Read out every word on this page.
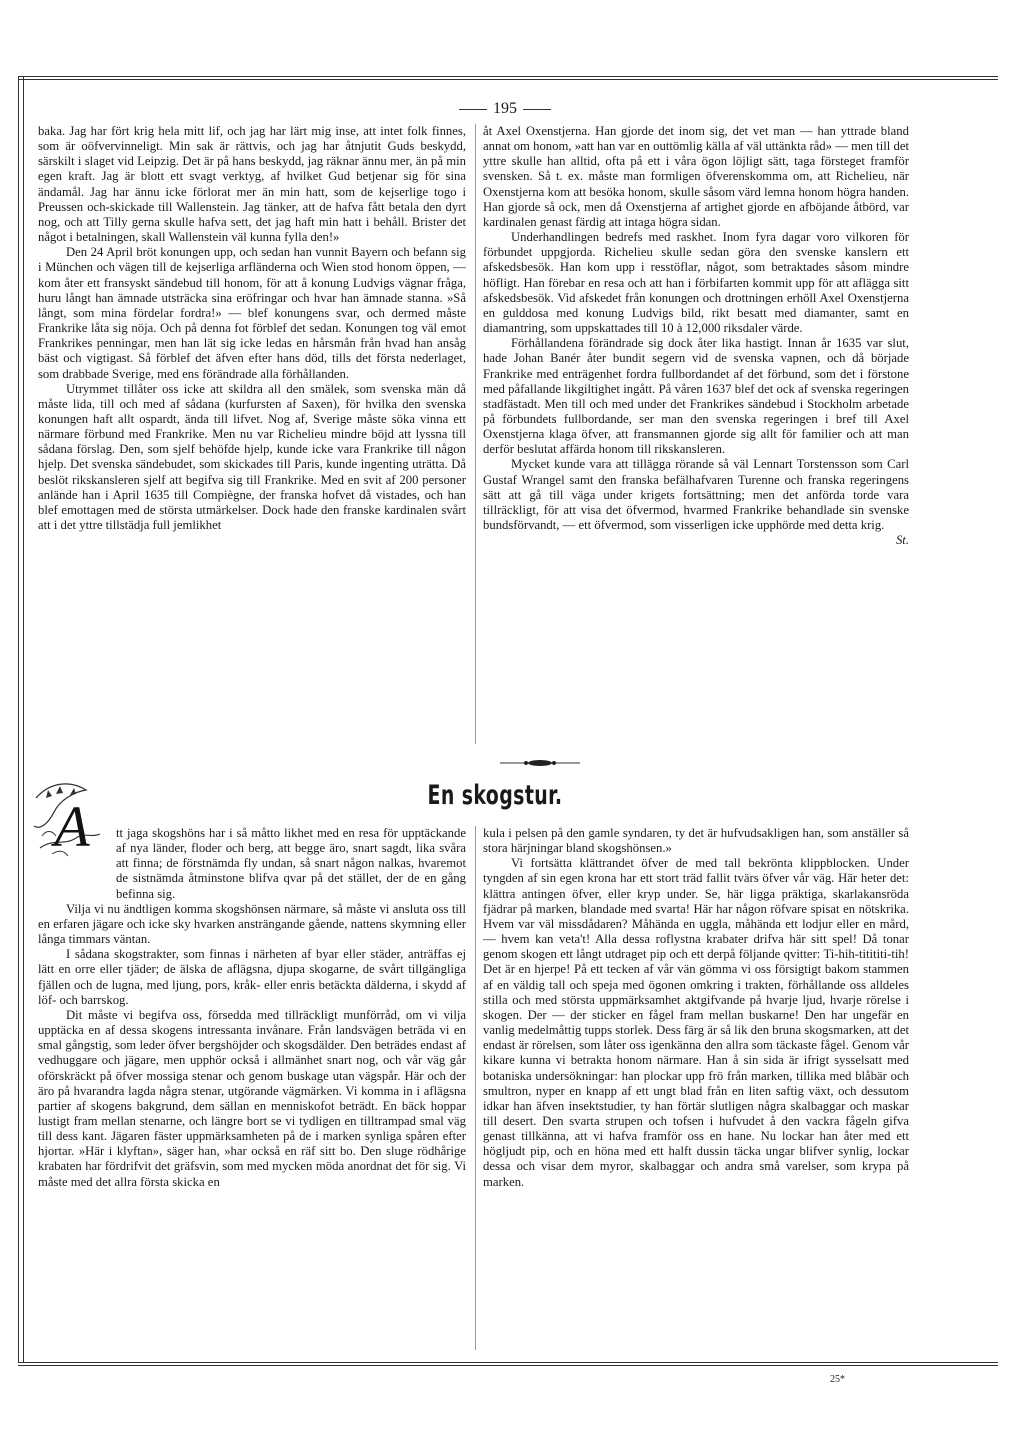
195

baka. Jag har fört krig hela mitt lif, och jag har lärt mig inse, att intet folk finnes, som är oöfvervinneligt. Min sak är rättvis, och jag har åtnjutit Guds beskydd, särskilt i slaget vid Leipzig. Det är på hans beskydd, jag räknar ännu mer, än på min egen kraft. Jag är blott ett svagt verktyg, af hvilket Gud betjenar sig för sina ändamål. Jag har ännu icke förlorat mer än min hatt, som de kejserlige togo i Preussen och-skickade till Wallenstein. Jag tänker, att de hafva fått betala den dyrt nog, och att Tilly gerna skulle hafva sett, det jag haft min hatt i behåll. Brister det något i betalningen, skall Wallenstein väl kunna fylla den!»

Den 24 April bröt konungen upp, och sedan han vunnit Bayern och befann sig i München och vägen till de kejserliga arfländerna och Wien stod honom öppen, — kom åter ett fransyskt sändebud till honom, för att å konung Ludvigs vägnar fråga, huru långt han ämnade utsträcka sina eröfringar och hvar han ämnade stanna. »Så långt, som mina fördelar fordra!» — blef konungens svar, och dermed måste Frankrike låta sig nöja. Och på denna fot förblef det sedan. Konungen tog väl emot Frankrikes penningar, men han lät sig icke ledas en hårsmån från hvad han ansåg bäst och vigtigast. Så förblef det äfven efter hans död, tills det första nederlaget, som drabbade Sverige, med ens förändrade alla förhållanden.

Utrymmet tillåter oss icke att skildra all den smälek, som svenska män då måste lida, till och med af sådana (kurfursten af Saxen), för hvilka den svenska konungen haft allt ospardt, ända till lifvet. Nog af, Sverige måste söka vinna ett närmare förbund med Frankrike. Men nu var Richelieu mindre böjd att lyssna till sådana förslag. Den, som sjelf behöfde hjelp, kunde icke vara Frankrike till någon hjelp. Det svenska sändebudet, som skickades till Paris, kunde ingenting uträtta. Då beslöt rikskansleren sjelf att begifva sig till Frankrike. Med en svit af 200 personer anlände han i April 1635 till Compiègne, der franska hofvet då vistades, och han blef emottagen med de största utmärkelser. Dock hade den franske kardinalen svårt att i det yttre tillstädja full jemlikhet

åt Axel Oxenstjerna. Han gjorde det inom sig, det vet man — han yttrade bland annat om honom, »att han var en outtömlig källa af väl uttänkta råd» — men till det yttre skulle han alltid, ofta på ett i våra ögon löjligt sätt, taga försteget framför svensken. Så t. ex. måste man formligen öfverenskomma om, att Richelieu, när Oxenstjerna kom att besöka honom, skulle såsom värd lemna honom högra handen. Han gjorde så ock, men då Oxenstjerna af artighet gjorde en afböjande åtbörd, var kardinalen genast färdig att intaga högra sidan.

Underhandlingen bedrefs med raskhet. Inom fyra dagar voro vilkoren för förbundet uppgjorda. Richelieu skulle sedan göra den svenske kanslern ett afskedsbesök. Han kom upp i resstöflar, något, som betraktades såsom mindre höfligt. Han förebar en resa och att han i förbifarten kommit upp för att aflägga sitt afskedsbesök. Vid afskedet från konungen och drottningen erhöll Axel Oxenstjerna en gulddosa med konung Ludvigs bild, rikt besatt med diamanter, samt en diamantring, som uppskattades till 10 à 12,000 riksdaler värde.

Förhållandena förändrade sig dock åter lika hastigt. Innan år 1635 var slut, hade Johan Banér åter bundit segern vid de svenska vapnen, och då började Frankrike med enträgenhet fordra fullbordandet af det förbund, som det i förstone med påfallande likgiltighet ingått. På våren 1637 blef det ock af svenska regeringen stadfästadt. Men till och med under det Frankrikes sändebud i Stockholm arbetade på förbundets fullbordande, ser man den svenska regeringen i bref till Axel Oxenstjerna klaga öfver, att fransmannen gjorde sig allt för familier och att man derför beslutat affärda honom till rikskansleren.

Mycket kunde vara att tillägga rörande så väl Lennart Torstensson som Carl Gustaf Wrangel samt den franska befälhafvaren Turenne och franska regeringens sätt att gå till väga under krigets fortsättning; men det anförda torde vara tillräckligt, för att visa det öfvermod, hvarmed Frankrike behandlade sin svenske bundsförvandt, — ett öfvermod, som visserligen icke upphörde med detta krig.
St.

En skogstur.
A	tt jaga skogshöns har i så måtto likhet med en resa för upptäckande af nya länder, floder och berg, att begge äro, snart sagdt, lika svåra att finna; de förstnämda fly undan, så snart någon nalkas, hvaremot de sistnämda åtminstone blifva qvar på det stället, der de en gång befinna sig.

Vilja vi nu ändtligen komma skogshönsen närmare, så måste vi ansluta oss till en erfaren jägare och icke sky hvarken ansträngande gående, nattens skymning eller långa timmars väntan.

I sådana skogstrakter, som finnas i närheten af byar eller städer, anträffas ej lätt en orre eller tjäder; de älska de aflägsna, djupa skogarne, de svårt tillgängliga fjällen och de lugna, med ljung, pors, kråk- eller enris betäckta dälderna, i skydd af löf- och barrskog.

Dit måste vi begifva oss, försedda med tillräckligt munförråd, om vi vilja upptäcka en af dessa skogens intressanta invånare. Från landsvägen beträda vi en smal gångstig, som leder öfver bergshöjder och skogsdälder. Den beträdes endast af vedhuggare och jägare, men upphör också i allmänhet snart nog, och vår väg går oförskräckt på öfver mossiga stenar och genom buskage utan vägspår. Här och der äro på hvarandra lagda några stenar, utgörande vägmärken. Vi komma in i aflägsna partier af skogens bakgrund, dem sällan en menniskofot beträdt. En bäck hoppar lustigt fram mellan stenarne, och längre bort se vi tydligen en tilltrampad smal väg till dess kant. Jägaren fäster uppmärksamheten på de i marken synliga spåren efter hjortar. »Här i klyftan», säger han, »har också en räf sitt bo. Den sluge rödhårige krabaten har fördrifvit det gräfsvin, som med mycken möda anordnat det för sig. Vi måste med det allra första skicka en

kula i pelsen på den gamle syndaren, ty det är hufvudsakligen han, som anställer så stora härjningar bland skogshönsen.»

Vi fortsätta klättrandet öfver de med tall bekrönta klippblocken. Under tyngden af sin egen krona har ett stort träd fallit tvärs öfver vår väg. Här heter det: klättra antingen öfver, eller kryp under. Se, här ligga präktiga, skarlakansröda fjädrar på marken, blandade med svarta! Här har någon röfvare spisat en nötskrika. Hvem var väl missdådaren? Måhända en uggla, måhända ett lodjur eller en mård, — hvem kan veta't! Alla dessa roflystna krabater drifva här sitt spel! Då tonar genom skogen ett långt utdraget pip och ett derpå följande qvitter: Ti-hih-titititi-tih! Det är en hjerpe! På ett tecken af vår vän gömma vi oss försigtigt bakom stammen af en väldig tall och speja med ögonen omkring i trakten, förhållande oss alldeles stilla och med största uppmärksamhet aktgifvande på hvarje ljud, hvarje rörelse i skogen. Der — der sticker en fågel fram mellan buskarne! Den har ungefär en vanlig medelmåttig tupps storlek. Dess färg är så lik den bruna skogsmarken, att det endast är rörelsen, som låter oss igenkänna den allra som täckaste fågel. Genom vår kikare kunna vi betrakta honom närmare. Han å sin sida är ifrigt sysselsatt med botaniska undersökningar: han plockar upp frö från marken, tillika med blåbär och smultron, nyper en knapp af ett ungt blad från en liten saftig växt, och dessutom idkar han äfven insektstudier, ty han förtär slutligen några skalbaggar och maskar till desert. Den svarta strupen och tofsen i hufvudet å den vackra fågeln gifva genast tillkänna, att vi hafva framför oss en hane. Nu lockar han åter med ett högljudt pip, och en höna med ett halft dussin täcka ungar blifver synlig, lockar dessa och visar dem myror, skalbaggar och andra små varelser, som krypa på marken.

25*
